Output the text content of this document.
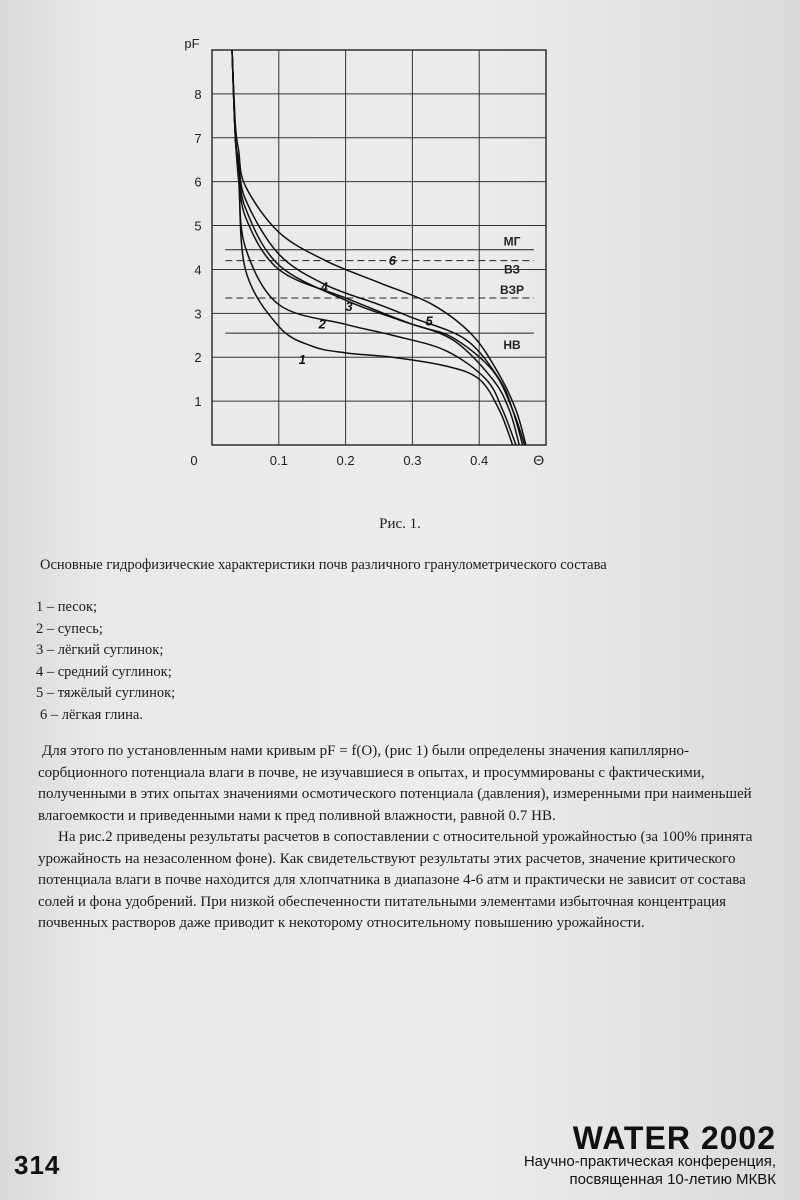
0	0.1	0.2	0.3	0.4
1
2
3
4
5
6
7
8
pF
Θ
МГ
ВЗ
ВЗР
НВ
1
2
3
4
5
6
Рис. 1.
Основные гидрофизические характеристики почв различного гранулометрического состава
1 – песок;
2 – супесь;
3 – лёгкий суглинок;
4 – средний суглинок;
5 – тяжёлый суглинок;
6 – лёгкая глина.

Для этого по установленным нами кривым pF = f(O), (рис 1) были определены значения капиллярно-сорбционного потенциала влаги в почве, не изучавшиеся в опытах, и просуммированы с фактическими, полученными в этих опытах значениями осмотического потенциала (давления), измеренными при наименьшей влагоемкости и приведенными нами к пред поливной влажности, равной 0.7 НВ.

На рис.2 приведены результаты расчетов в сопоставлении с относительной урожайностью (за 100% принята урожайность на незасоленном фоне). Как свидетельствуют результаты этих расчетов, значение критического потенциала влаги в почве находится для хлопчатника в диапазоне 4-6 атм и практически не зависит от состава солей и фона удобрений. При низкой обеспеченности питательными элементами избыточная концентрация почвенных растворов даже приводит к некоторому относительному повышению урожайности.

314
WATER 2002
Научно-практическая конференция,
посвященная 10-летию МКВК
